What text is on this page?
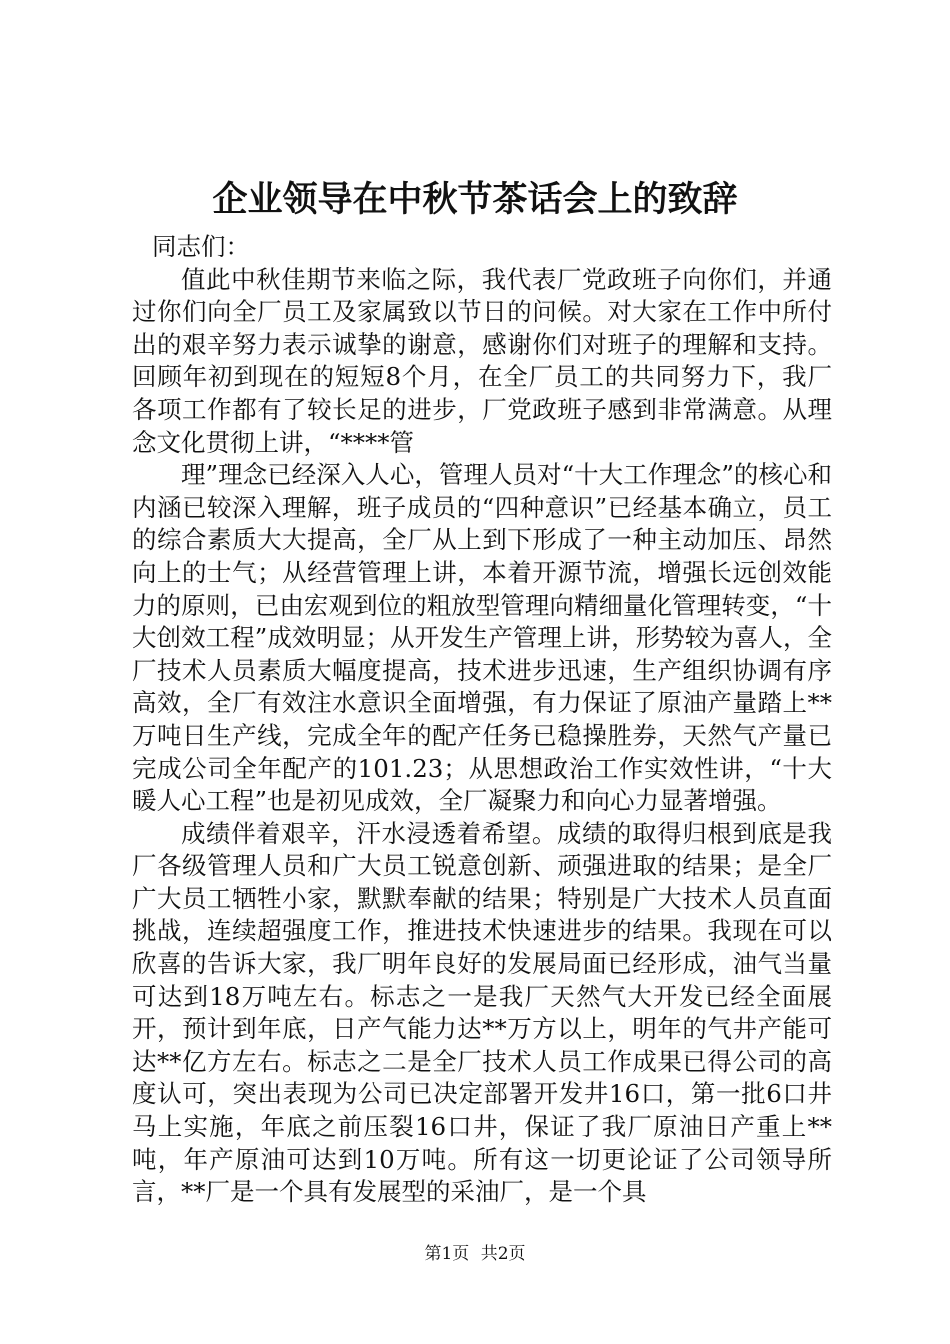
企业领导在中秋节茶话会上的致辞

同志们：

值此中秋佳期节来临之际，我代表厂党政班子向你们，并通过你们向全厂员工及家属致以节日的问候。对大家在工作中所付出的艰辛努力表示诚挚的谢意，感谢你们对班子的理解和支持。回顾年初到现在的短短8个月，在全厂员工的共同努力下，我厂各项工作都有了较长足的进步，厂党政班子感到非常满意。从理念文化贯彻上讲，“****管

理”理念已经深入人心，管理人员对“十大工作理念”的核心和内涵已较深入理解，班子成员的“四种意识”已经基本确立，员工的综合素质大大提高，全厂从上到下形成了一种主动加压、昂然向上的士气；从经营管理上讲，本着开源节流，增强长远创效能力的原则，已由宏观到位的粗放型管理向精细量化管理转变，“十大创效工程”成效明显；从开发生产管理上讲，形势较为喜人，全厂技术人员素质大幅度提高，技术进步迅速，生产组织协调有序高效，全厂有效注水意识全面增强，有力保证了原油产量踏上**万吨日生产线，完成全年的配产任务已稳操胜券，天然气产量已完成公司全年配产的101.23；从思想政治工作实效性讲，“十大暖人心工程”也是初见成效，全厂凝聚力和向心力显著增强。

成绩伴着艰辛，汗水浸透着希望。成绩的取得归根到底是我厂各级管理人员和广大员工锐意创新、顽强进取的结果；是全厂广大员工牺牲小家，默默奉献的结果；特别是广大技术人员直面挑战，连续超强度工作，推进技术快速进步的结果。我现在可以欣喜的告诉大家，我厂明年良好的发展局面已经形成，油气当量可达到18万吨左右。标志之一是我厂天然气大开发已经全面展开，预计到年底，日产气能力达**万方以上，明年的气井产能可达**亿方左右。标志之二是全厂技术人员工作成果已得公司的高度认可，突出表现为公司已决定部署开发井16口，第一批6口井马上实施，年底之前压裂16口井，保证了我厂原油日产重上**吨，年产原油可达到10万吨。所有这一切更论证了公司领导所言，**厂是一个具有发展型的采油厂，是一个具

第1页 共2页
